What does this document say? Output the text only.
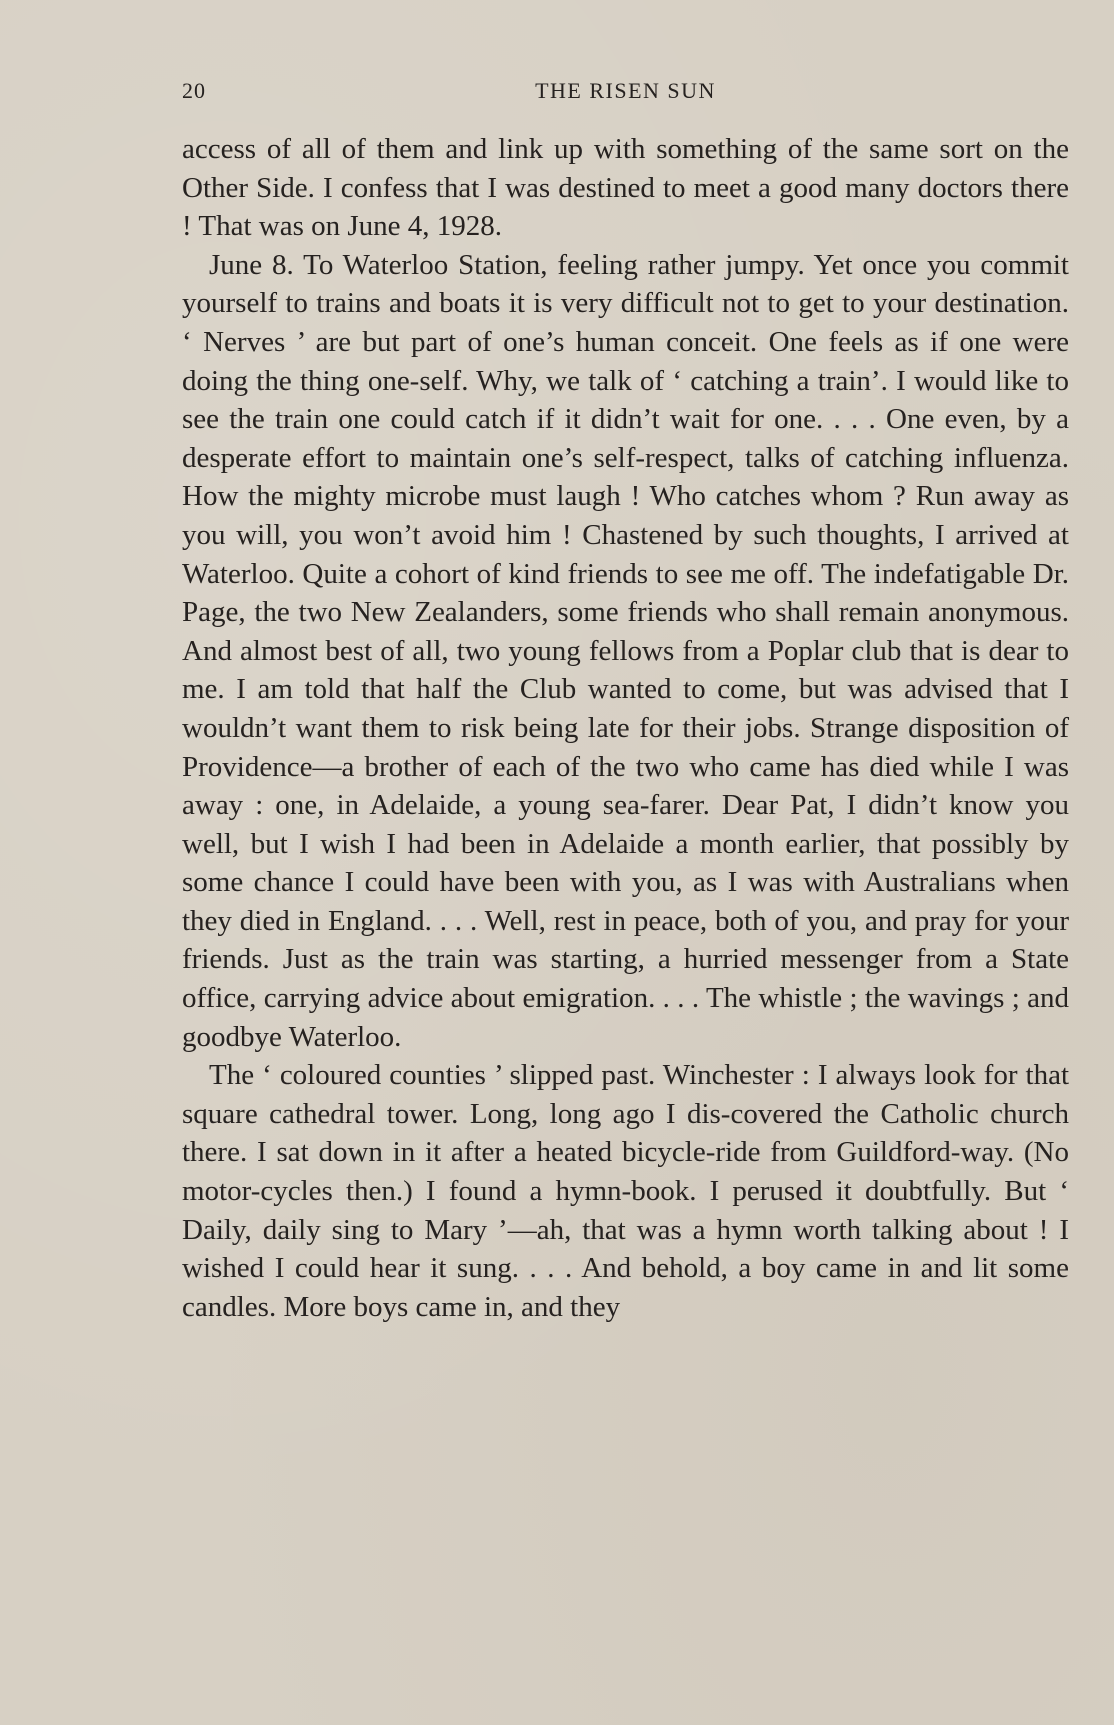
20	THE RISEN SUN

access of all of them and link up with something of the same sort on the Other Side. I confess that I was destined to meet a good many doctors there ! That was on June 4, 1928.

June 8. To Waterloo Station, feeling rather jumpy. Yet once you commit yourself to trains and boats it is very difficult not to get to your destination. ‘ Nerves ’ are but part of one’s human conceit. One feels as if one were doing the thing one-self. Why, we talk of ‘ catching a train’. I would like to see the train one could catch if it didn’t wait for one. . . . One even, by a desperate effort to maintain one’s self-respect, talks of catching influenza. How the mighty microbe must laugh ! Who catches whom ? Run away as you will, you won’t avoid him ! Chastened by such thoughts, I arrived at Waterloo. Quite a cohort of kind friends to see me off. The indefatigable Dr. Page, the two New Zealanders, some friends who shall remain anonymous. And almost best of all, two young fellows from a Poplar club that is dear to me. I am told that half the Club wanted to come, but was advised that I wouldn’t want them to risk being late for their jobs. Strange disposition of Providence—a brother of each of the two who came has died while I was away : one, in Adelaide, a young sea-farer. Dear Pat, I didn’t know you well, but I wish I had been in Adelaide a month earlier, that possibly by some chance I could have been with you, as I was with Australians when they died in England. . . . Well, rest in peace, both of you, and pray for your friends. Just as the train was starting, a hurried messenger from a State office, carrying advice about emigration. . . . The whistle ; the wavings ; and goodbye Waterloo.

The ‘ coloured counties ’ slipped past. Winchester : I always look for that square cathedral tower. Long, long ago I dis-covered the Catholic church there. I sat down in it after a heated bicycle-ride from Guildford-way. (No motor-cycles then.) I found a hymn-book. I perused it doubtfully. But ‘ Daily, daily sing to Mary ’—ah, that was a hymn worth talking about ! I wished I could hear it sung. . . . And behold, a boy came in and lit some candles. More boys came in, and they
